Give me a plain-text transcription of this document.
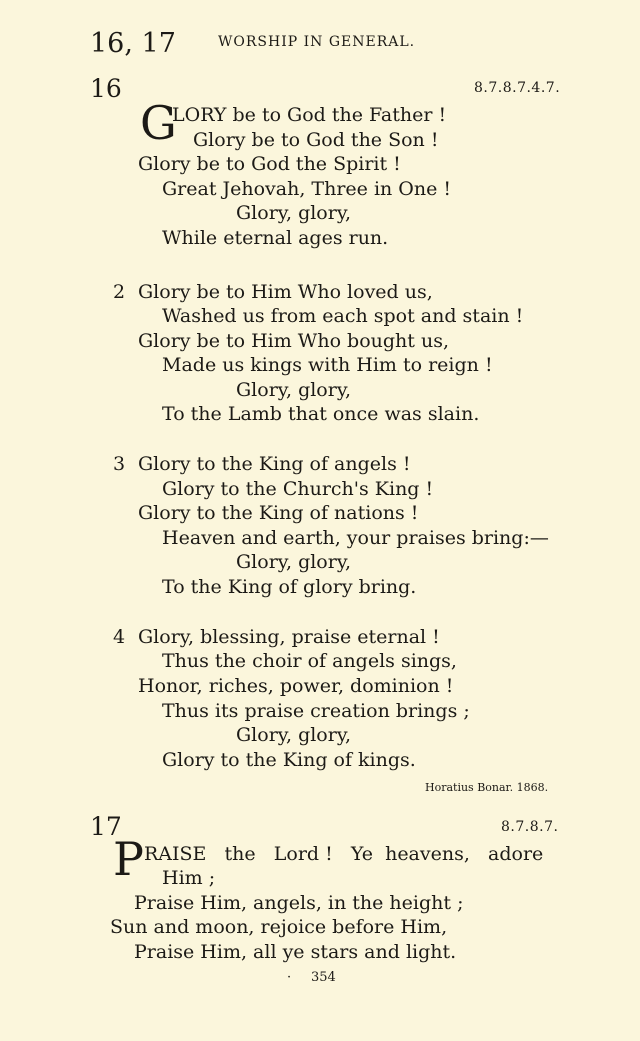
16, 17	WORSHIP IN GENERAL.
16	8.7.8.7.4.7.
G
LORY be to God the Father !
Glory be to God the Son !
Glory be to God the Spirit !
Great Jehovah, Three in One !
Glory, glory,
While eternal ages run.
2 Glory be to Him Who loved us,
Washed us from each spot and stain !
Glory be to Him Who bought us,
Made us kings with Him to reign !
Glory, glory,
To the Lamb that once was slain.
3 Glory to the King of angels !
Glory to the Church's King !
Glory to the King of nations !
Heaven and earth, your praises bring:—
Glory, glory,
To the King of glory bring.
4 Glory, blessing, praise eternal !
Thus the choir of angels sings,
Honor, riches, power, dominion !
Thus its praise creation brings ;
Glory, glory,
Glory to the King of kings.
Horatius Bonar. 1868.
17	8.7.8.7.
P RAISE   the   Lord !   Ye  heavens,   adore
Him ;
Praise Him, angels, in the height ;
Sun and moon, rejoice before Him,
Praise Him, all ye stars and light.
· 354
